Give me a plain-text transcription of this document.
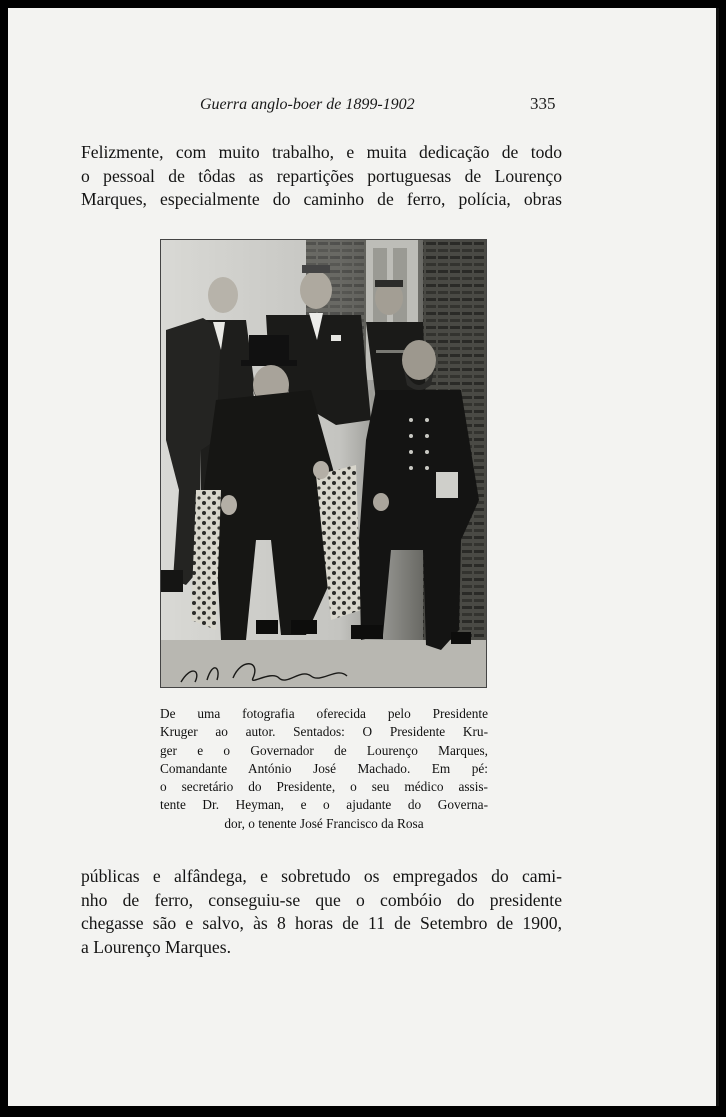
Guerra anglo-boer de 1899-1902	335
Felizmente, com muito trabalho, e muita dedicação de todo
o pessoal de tôdas as repartições portuguesas de Lourenço
Marques, especialmente do caminho de ferro, polícia, obras
De uma fotografia oferecida pelo Presidente
Kruger ao autor. Sentados: O Presidente Kru-
ger e o Governador de Lourenço Marques,
Comandante António José Machado. Em pé:
o secretário do Presidente, o seu médico assis-
tente Dr. Heyman, e o ajudante do Governa-
dor, o tenente José Francisco da Rosa
públicas e alfândega, e sobretudo os empregados do cami-
nho de ferro, conseguiu-se que o combóio do presidente
chegasse são e salvo, às 8 horas de 11 de Setembro de 1900,
a Lourenço Marques.
